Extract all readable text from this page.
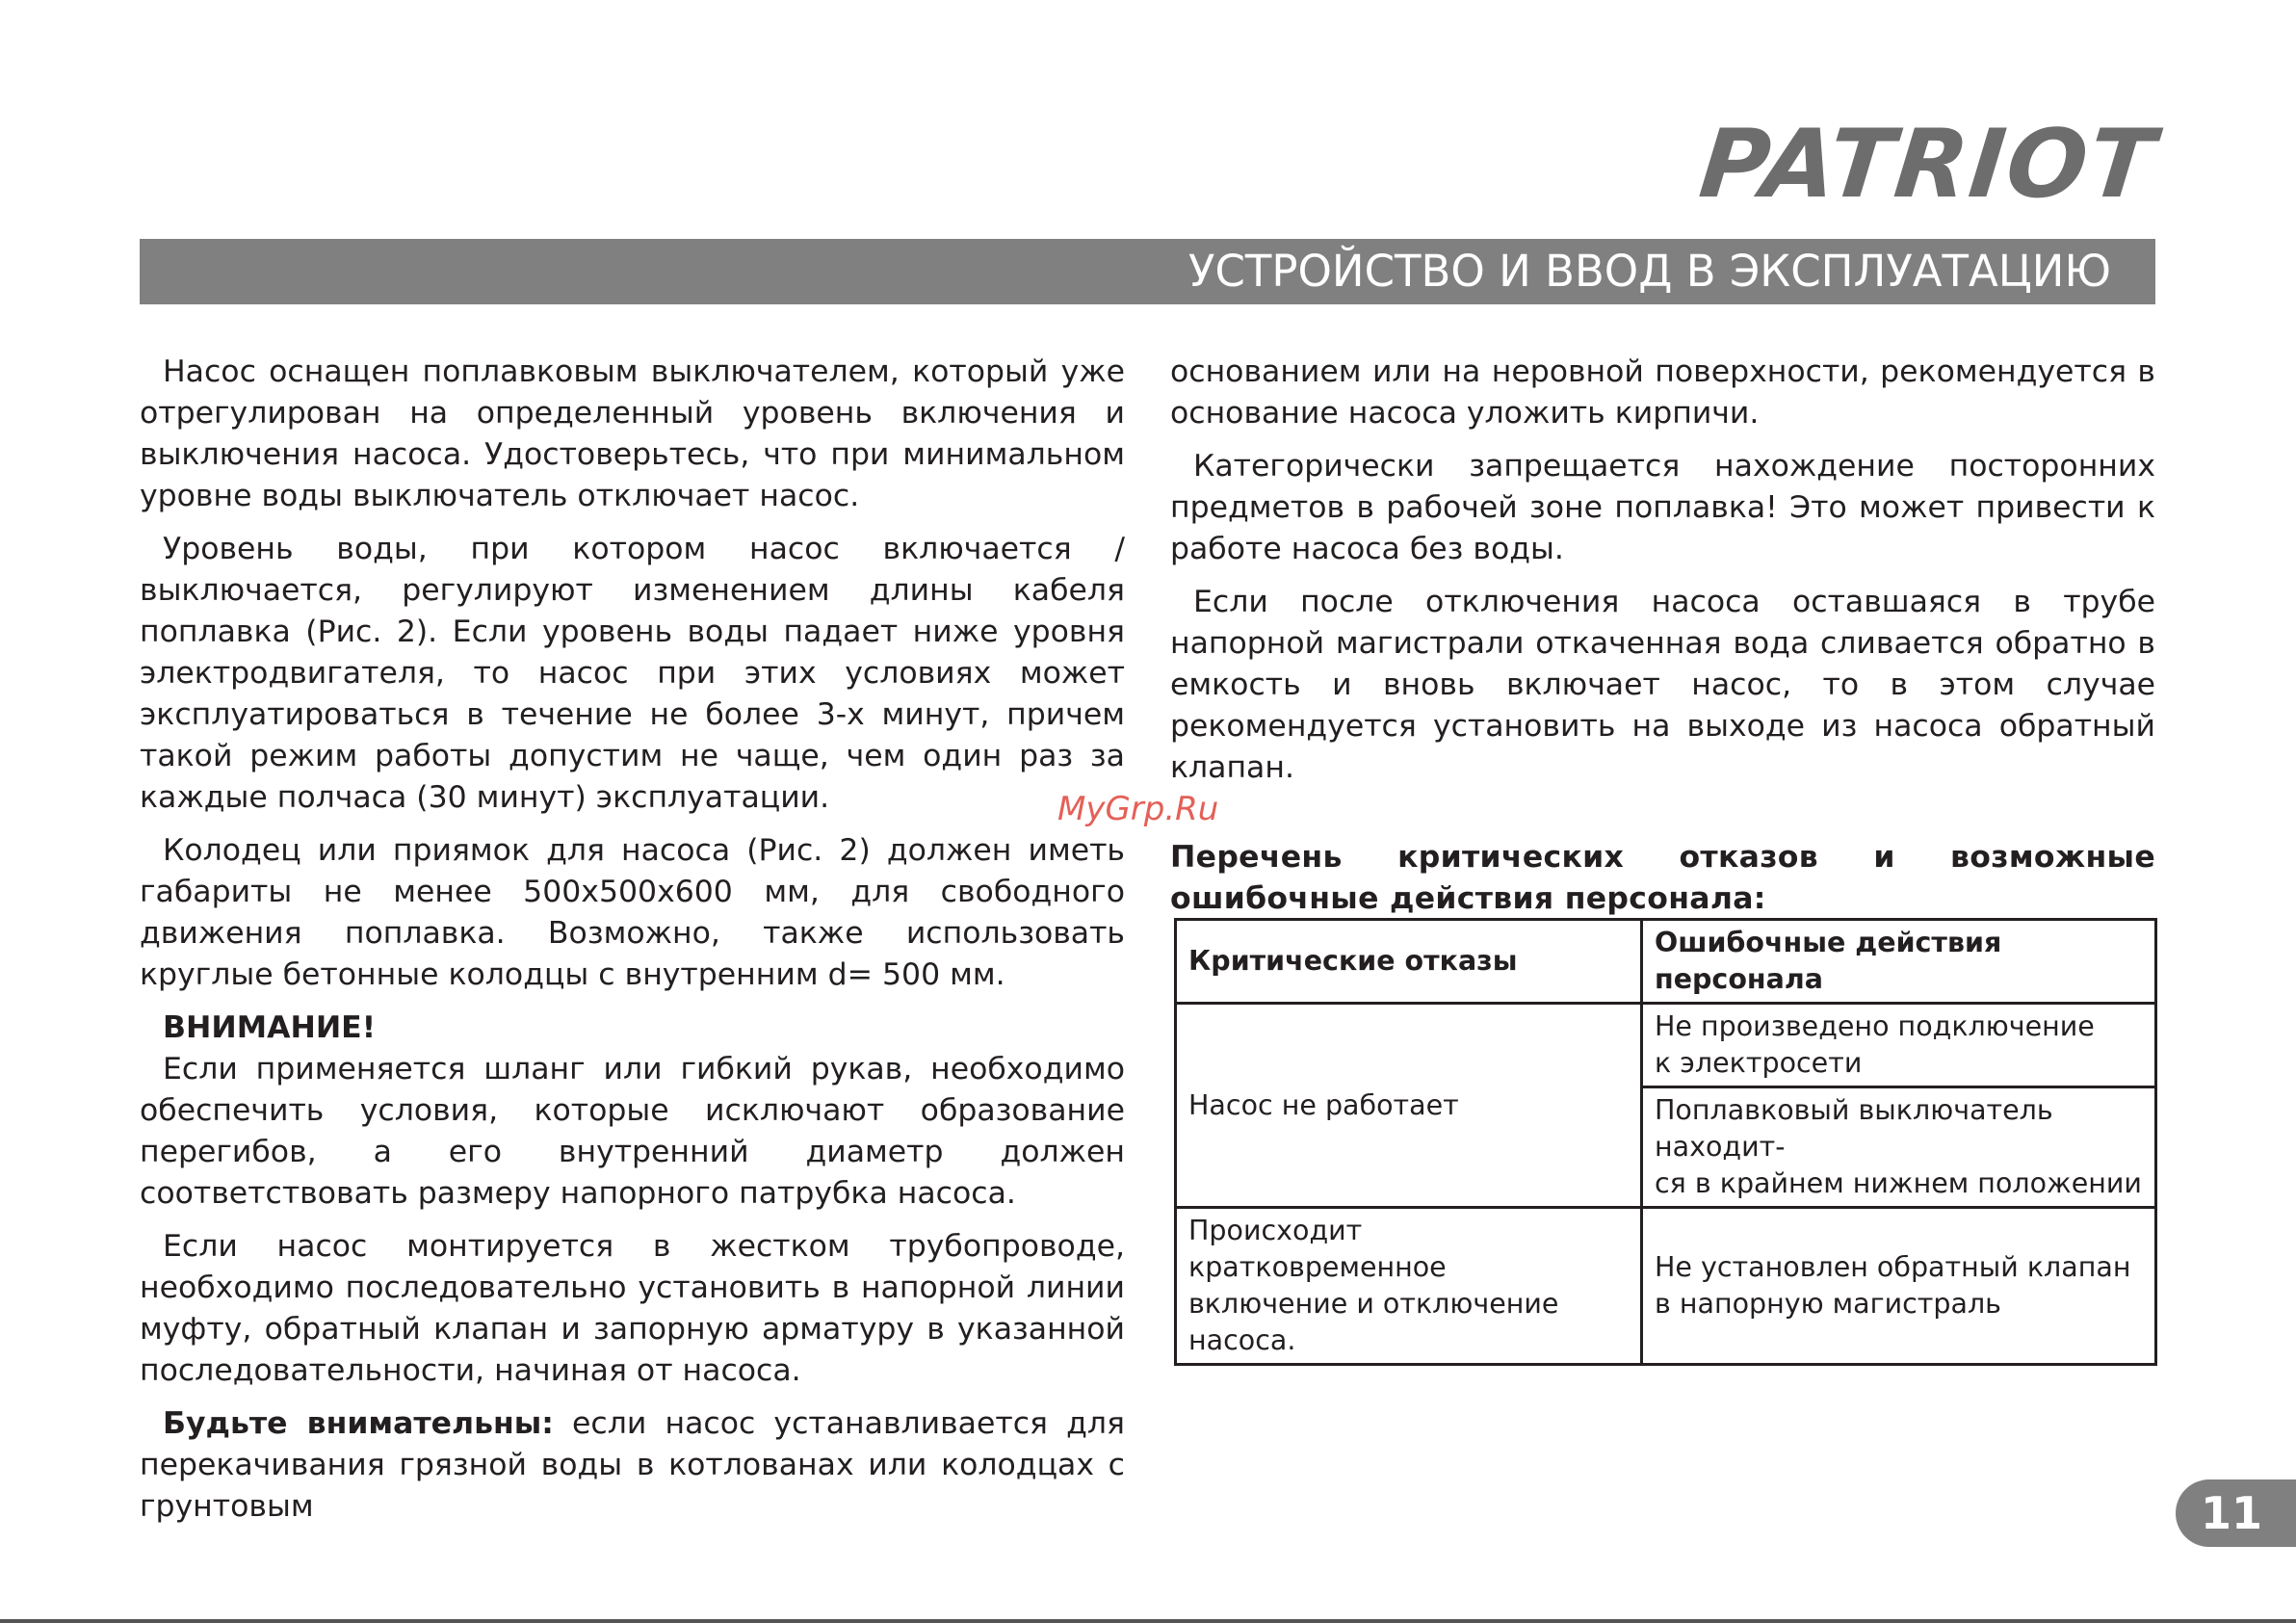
PATRIOT
УСТРОЙСТВО И ВВОД В ЭКСПЛУАТАЦИЮ

Насос оснащен поплавковым выключателем, который уже отрегулирован на определенный уровень включения и выключения насоса. Удостоверьтесь, что при минимальном уровне воды выключатель отключает насос.

Уровень воды, при котором насос включается / выключается, регулируют изменением длины кабеля поплавка (Рис. 2). Если уровень воды падает ниже уровня электродвигателя, то насос при этих условиях может эксплуатироваться в течение не более 3-х минут, причем такой режим работы допустим не чаще, чем один раз за каждые полчаса (30 минут) эксплуатации.

Колодец или приямок для насоса (Рис. 2) должен иметь габариты не менее 500х500х600 мм, для свободного движения поплавка. Возможно, также использовать круглые бетонные колодцы с внутренним d= 500 мм.

ВНИМАНИЕ!

Если применяется шланг или гибкий рукав, необходимо обеспечить условия, которые исключают образование перегибов, а его внутренний диаметр должен соответствовать размеру напорного патрубка насоса.

Если насос монтируется в жестком трубопроводе, необходимо последовательно установить в напорной линии муфту, обратный клапан и запорную арматуру в указанной последовательности, начиная от насоса.

Будьте внимательны: если насос устанавливается для перекачивания грязной воды в котлованах или колодцах с грунтовым

основанием или на неровной поверхности, рекомендуется в основание насоса уложить кирпичи.

Категорически запрещается нахождение посторонних предметов в рабочей зоне поплавка! Это может привести к работе насоса без воды.

Если после отключения насоса оставшаяся в трубе напорной магистрали откаченная вода сливается обратно в емкость и вновь включает насос, то в этом случае рекомендуется установить на выходе из насоса обратный клапан.

Перечень критических отказов и возможные ошибочные действия персонала:

Критические отказы	Ошибочные действия персонала
Насос не работает	Не произведено подключение
к электросети

	Поплавковый выключатель находит-
ся в крайнем нижнем положении

Происходит кратковременное
включение и отключение насоса.	Не установлен обратный клапан
в напорную магистраль
MyGrp.Ru
11
